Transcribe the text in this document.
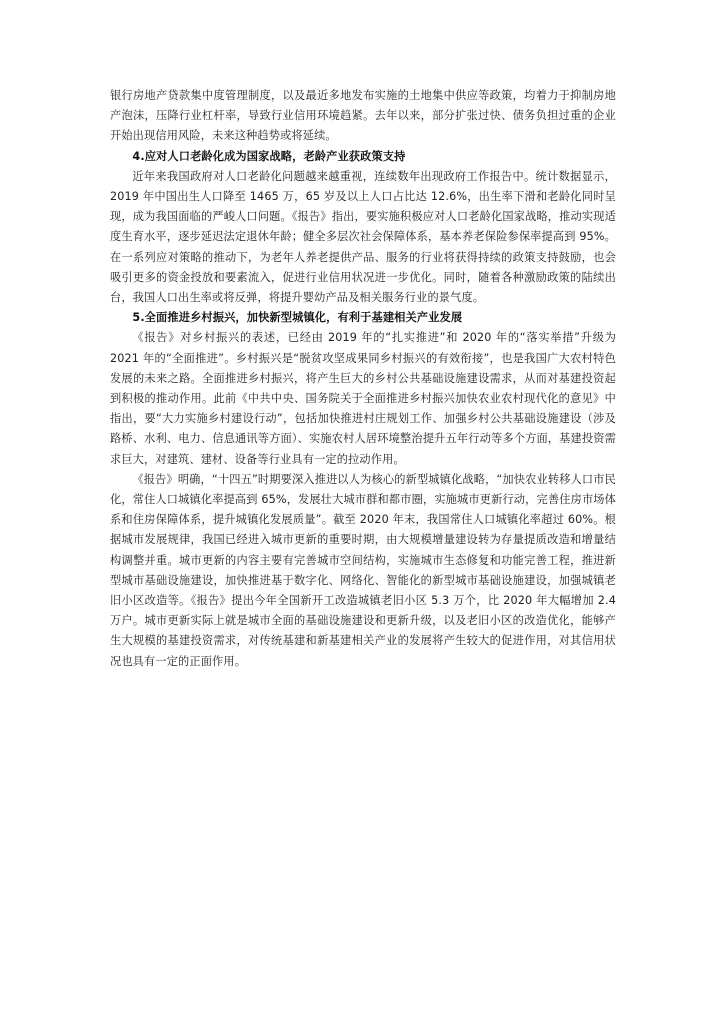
银行房地产贷款集中度管理制度，以及最近多地发布实施的土地集中供应等政策，均着力于抑制房地产泡沫，压降行业杠杆率，导致行业信用环境趋紧。去年以来，部分扩张过快、债务负担过重的企业开始出现信用风险，未来这种趋势或将延续。

4.应对人口老龄化成为国家战略，老龄产业获政策支持

近年来我国政府对人口老龄化问题越来越重视，连续数年出现政府工作报告中。统计数据显示，2019 年中国出生人口降至 1465 万，65 岁及以上人口占比达 12.6%，出生率下滑和老龄化同时呈现，成为我国面临的严峻人口问题。《报告》指出，要实施积极应对人口老龄化国家战略，推动实现适度生育水平，逐步延迟法定退休年龄；健全多层次社会保障体系，基本养老保险参保率提高到 95%。在一系列应对策略的推动下，为老年人养老提供产品、服务的行业将获得持续的政策支持鼓励，也会吸引更多的资金投放和要素流入，促进行业信用状况进一步优化。同时，随着各种激励政策的陆续出台，我国人口出生率或将反弹，将提升婴幼产品及相关服务行业的景气度。

5.全面推进乡村振兴，加快新型城镇化，有利于基建相关产业发展

《报告》对乡村振兴的表述，已经由 2019 年的“扎实推进”和 2020 年的“落实举措”升级为 2021 年的“全面推进”。乡村振兴是“脱贫攻坚成果同乡村振兴的有效衔接”，也是我国广大农村特色发展的未来之路。全面推进乡村振兴，将产生巨大的乡村公共基础设施建设需求，从而对基建投资起到积极的推动作用。此前《中共中央、国务院关于全面推进乡村振兴加快农业农村现代化的意见》中指出，要“大力实施乡村建设行动”，包括加快推进村庄规划工作、加强乡村公共基础设施建设（涉及路桥、水利、电力、信息通讯等方面）、实施农村人居环境整治提升五年行动等多个方面，基建投资需求巨大，对建筑、建材、设备等行业具有一定的拉动作用。

《报告》明确，“十四五”时期要深入推进以人为核心的新型城镇化战略，“加快农业转移人口市民化，常住人口城镇化率提高到 65%，发展壮大城市群和都市圈，实施城市更新行动，完善住房市场体系和住房保障体系，提升城镇化发展质量”。截至 2020 年末，我国常住人口城镇化率超过 60%。根据城市发展规律，我国已经进入城市更新的重要时期，由大规模增量建设转为存量提质改造和增量结构调整并重。城市更新的内容主要有完善城市空间结构，实施城市生态修复和功能完善工程，推进新型城市基础设施建设，加快推进基于数字化、网络化、智能化的新型城市基础设施建设，加强城镇老旧小区改造等。《报告》提出今年全国新开工改造城镇老旧小区 5.3 万个，比 2020 年大幅增加 2.4 万户。城市更新实际上就是城市全面的基础设施建设和更新升级，以及老旧小区的改造优化，能够产生大规模的基建投资需求，对传统基建和新基建相关产业的发展将产生较大的促进作用，对其信用状况也具有一定的正面作用。
